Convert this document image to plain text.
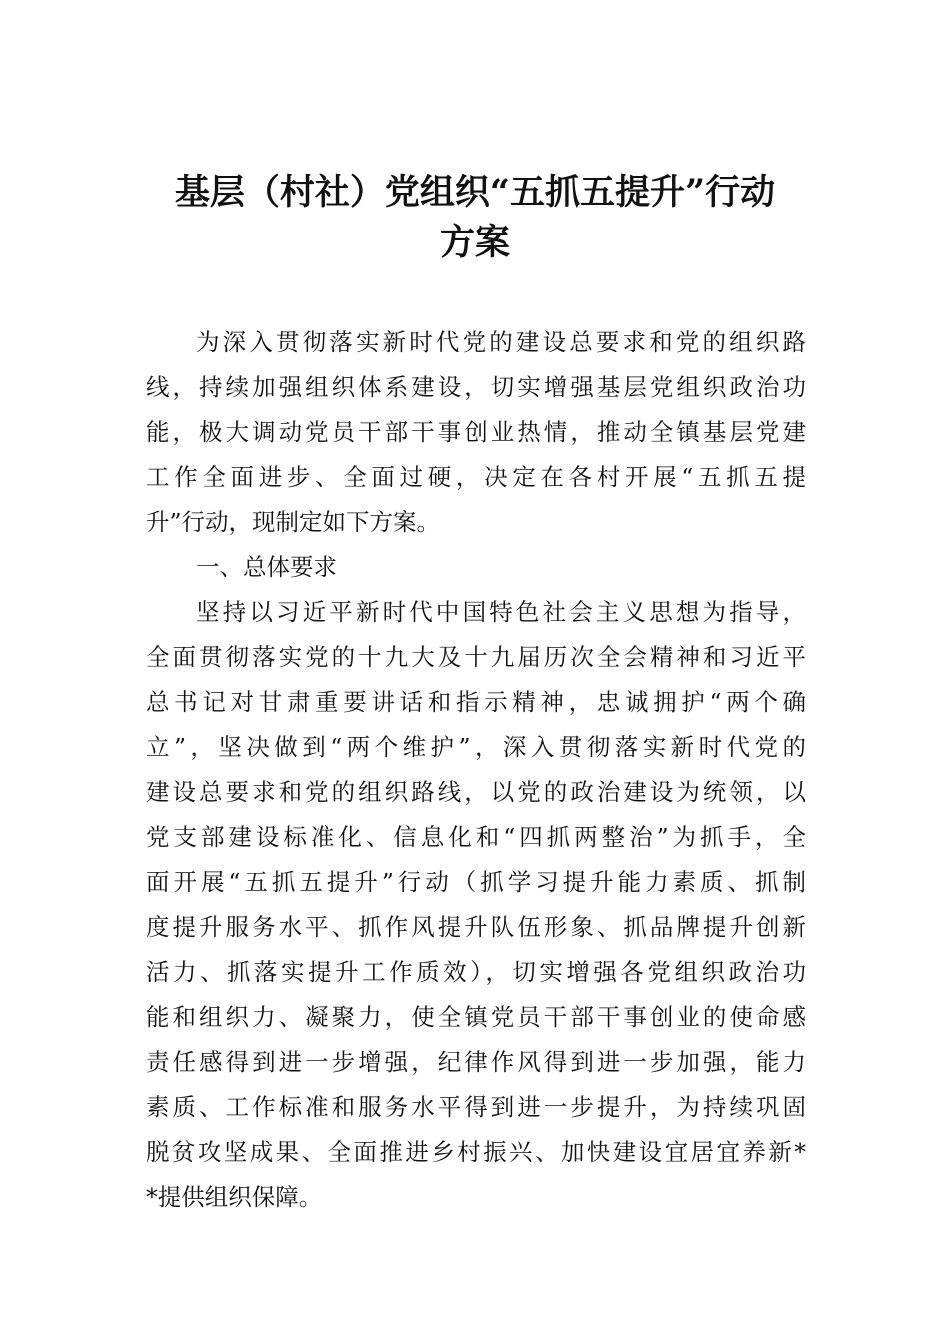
基层（村社）党组织“五抓五提升”行动
方案
为深入贯彻落实新时代党的建设总要求和党的组织路
线，持续加强组织体系建设，切实增强基层党组织政治功
能，极大调动党员干部干事创业热情，推动全镇基层党建
工作全面进步、全面过硬，决定在各村开展“五抓五提
升”行动，现制定如下方案。
一、总体要求
坚持以习近平新时代中国特色社会主义思想为指导，
全面贯彻落实党的十九大及十九届历次全会精神和习近平
总书记对甘肃重要讲话和指示精神，忠诚拥护“两个确
立”，坚决做到“两个维护”，深入贯彻落实新时代党的
建设总要求和党的组织路线，以党的政治建设为统领，以
党支部建设标准化、信息化和“四抓两整治”为抓手，全
面开展“五抓五提升”行动（抓学习提升能力素质、抓制
度提升服务水平、抓作风提升队伍形象、抓品牌提升创新
活力、抓落实提升工作质效），切实增强各党组织政治功
能和组织力、凝聚力，使全镇党员干部干事创业的使命感
责任感得到进一步增强，纪律作风得到进一步加强，能力
素质、工作标准和服务水平得到进一步提升，为持续巩固
脱贫攻坚成果、全面推进乡村振兴、加快建设宜居宜养新*
*提供组织保障。
